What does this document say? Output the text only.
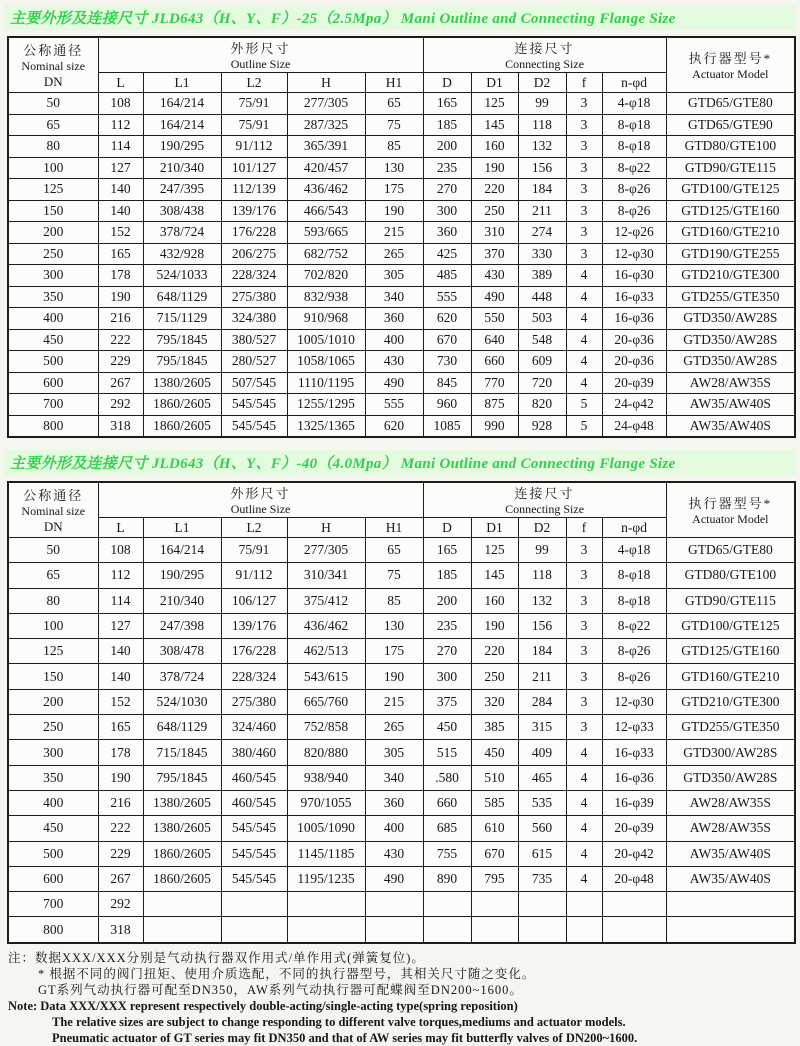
主要外形及连接尺寸 JLD643（H、Y、F）-25（2.5Mpa） Mani Outline and Connecting Flange Size
公称通径
Nominal size
DN

外形尺寸
Outline Size

连接尺寸
Connecting Size	执行器型号*
Actuator Model

	L	L1	L2	H	H1	D	D1	D2	f	n-φd	
50	108	164/214	75/91	277/305	65	165	125	99	3	4-φ18	GTD65/GTE80
65	112	164/214	75/91	287/325	75	185	145	118	3	8-φ18	GTD65/GTE90
80	114	190/295	91/112	365/391	85	200	160	132	3	8-φ18	GTD80/GTE100
100	127	210/340	101/127	420/457	130	235	190	156	3	8-φ22	GTD90/GTE115
125	140	247/395	112/139	436/462	175	270	220	184	3	8-φ26	GTD100/GTE125
150	140	308/438	139/176	466/543	190	300	250	211	3	8-φ26	GTD125/GTE160
200	152	378/724	176/228	593/665	215	360	310	274	3	12-φ26	GTD160/GTE210
250	165	432/928	206/275	682/752	265	425	370	330	3	12-φ30	GTD190/GTE255
300	178	524/1033	228/324	702/820	305	485	430	389	4	16-φ30	GTD210/GTE300
350	190	648/1129	275/380	832/938	340	555	490	448	4	16-φ33	GTD255/GTE350
400	216	715/1129	324/380	910/968	360	620	550	503	4	16-φ36	GTD350/AW28S
450	222	795/1845	380/527	1005/1010	400	670	640	548	4	20-φ36	GTD350/AW28S
500	229	795/1845	280/527	1058/1065	430	730	660	609	4	20-φ36	GTD350/AW28S
600	267	1380/2605	507/545	1110/1195	490	845	770	720	4	20-φ39	AW28/AW35S
700	292	1860/2605	545/545	1255/1295	555	960	875	820	5	24-φ42	AW35/AW40S
800	318	1860/2605	545/545	1325/1365	620	1085	990	928	5	24-φ48	AW35/AW40S
主要外形及连接尺寸 JLD643（H、Y、F）-40（4.0Mpa） Mani Outline and Connecting Flange Size
公称通径
Nominal size
DN

外形尺寸
Outline Size

连接尺寸
Connecting Size	执行器型号*
Actuator Model

	L	L1	L2	H	H1	D	D1	D2	f	n-φd	
50	108	164/214	75/91	277/305	65	165	125	99	3	4-φ18	GTD65/GTE80
65	112	190/295	91/112	310/341	75	185	145	118	3	8-φ18	GTD80/GTE100
80	114	210/340	106/127	375/412	85	200	160	132	3	8-φ18	GTD90/GTE115
100	127	247/398	139/176	436/462	130	235	190	156	3	8-φ22	GTD100/GTE125
125	140	308/478	176/228	462/513	175	270	220	184	3	8-φ26	GTD125/GTE160
150	140	378/724	228/324	543/615	190	300	250	211	3	8-φ26	GTD160/GTE210
200	152	524/1030	275/380	665/760	215	375	320	284	3	12-φ30	GTD210/GTE300
250	165	648/1129	324/460	752/858	265	450	385	315	3	12-φ33	GTD255/GTE350
300	178	715/1845	380/460	820/880	305	515	450	409	4	16-φ33	GTD300/AW28S
350	190	795/1845	460/545	938/940	340	.580	510	465	4	16-φ36	GTD350/AW28S
400	216	1380/2605	460/545	970/1055	360	660	585	535	4	16-φ39	AW28/AW35S
450	222	1380/2605	545/545	1005/1090	400	685	610	560	4	20-φ39	AW28/AW35S
500	229	1860/2605	545/545	1145/1185	430	755	670	615	4	20-φ42	AW35/AW40S
600	267	1860/2605	545/545	1195/1235	490	890	795	735	4	20-φ48	AW35/AW40S
700	292										
800	318										
注：数据XXX/XXX分别是气动执行器双作用式/单作用式(弹簧复位)。
* 根据不同的阀门扭矩、使用介质选配，不同的执行器型号，其相关尺寸随之变化。
GT系列气动执行器可配至DN350，AW系列气动执行器可配蝶阀至DN200~1600。
Note: Data XXX/XXX represent respectively double-acting/single-acting type(spring reposition)
The relative sizes are subject to change responding to different valve torques,mediums and actuator models.
Pneumatic actuator of GT series may fit DN350 and that of AW series may fit butterfly valves of DN200~1600.
